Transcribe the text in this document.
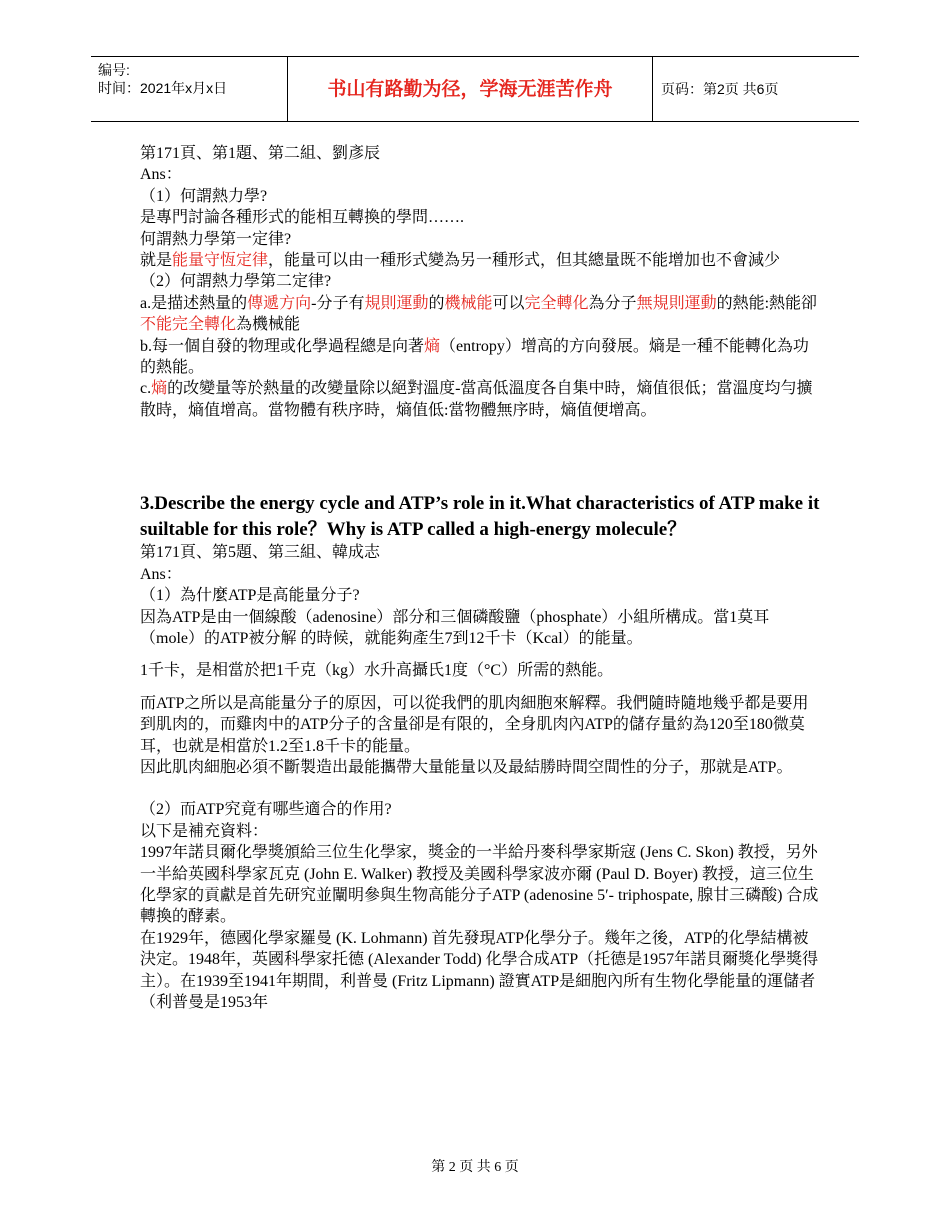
编号:
时间：2021年x月x日	书山有路勤为径，学海无涯苦作舟	页码：第2页 共6页

第171頁、第1題、第二組、劉彥辰

Ans：

（1）何謂熱力學?

是專門討論各種形式的能相互轉換的學問…….

何謂熱力學第一定律?

就是能量守恆定律，能量可以由一種形式變為另一種形式，但其總量既不能增加也不會減少

（2）何謂熱力學第二定律?

a.是描述熱量的傳遞方向-分子有規則運動的機械能可以完全轉化為分子無規則運動的熱能:熱能卻不能完全轉化為機械能

b.每一個自發的物理或化學過程總是向著熵（entropy）增高的方向發展。熵是一種不能轉化為功的熱能。

c.熵的改變量等於熱量的改變量除以絕對溫度-當高低溫度各自集中時，熵值很低；當溫度均勻擴散時，熵值增高。當物體有秩序時，熵值低:當物體無序時，熵值便增高。

3.Describe the energy cycle and ATP’s role in it.What characteristics of ATP make it suiltable for this role？Why is ATP called a high-energy molecule？

第171頁、第5題、第三組、韓成志

Ans：

（1）為什麼ATP是高能量分子?

因為ATP是由一個線酸（adenosine）部分和三個磷酸鹽（phosphate）小組所構成。當1莫耳（mole）的ATP被分解 的時候，就能夠產生7到12千卡（Kcal）的能量。

1千卡，是相當於把1千克（kg）水升高攝氏1度（°C）所需的熱能。

而ATP之所以是高能量分子的原因，可以從我們的肌肉細胞來解釋。我們隨時隨地幾乎都是要用到肌肉的，而雞肉中的ATP分子的含量卻是有限的，全身肌肉內ATP的儲存量約為120至180微莫耳，也就是相當於1.2至1.8千卡的能量。

因此肌肉細胞必須不斷製造出最能攜帶大量能量以及最結勝時間空間性的分子，那就是ATP。

（2）而ATP究竟有哪些適合的作用?

以下是補充資料：

1997年諾貝爾化學獎頒給三位生化學家，獎金的一半給丹麥科學家斯寇 (Jens C. Skon) 教授，另外一半給英國科學家瓦克 (John E. Walker) 教授及美國科學家波亦爾 (Paul D. Boyer) 教授，這三位生化學家的貢獻是首先研究並闡明參與生物高能分子ATP (adenosine 5′- triphospate, 腺甘三磷酸) 合成轉換的酵素。

在1929年，德國化學家羅曼 (K. Lohmann) 首先發現ATP化學分子。幾年之後，ATP的化學結構被決定。1948年，英國科學家托德 (Alexander Todd) 化學合成ATP（托德是1957年諾貝爾獎化學獎得主）。在1939至1941年期間，利普曼 (Fritz Lipmann) 證實ATP是細胞內所有生物化學能量的運儲者（利普曼是1953年

第 2 页 共 6 页
